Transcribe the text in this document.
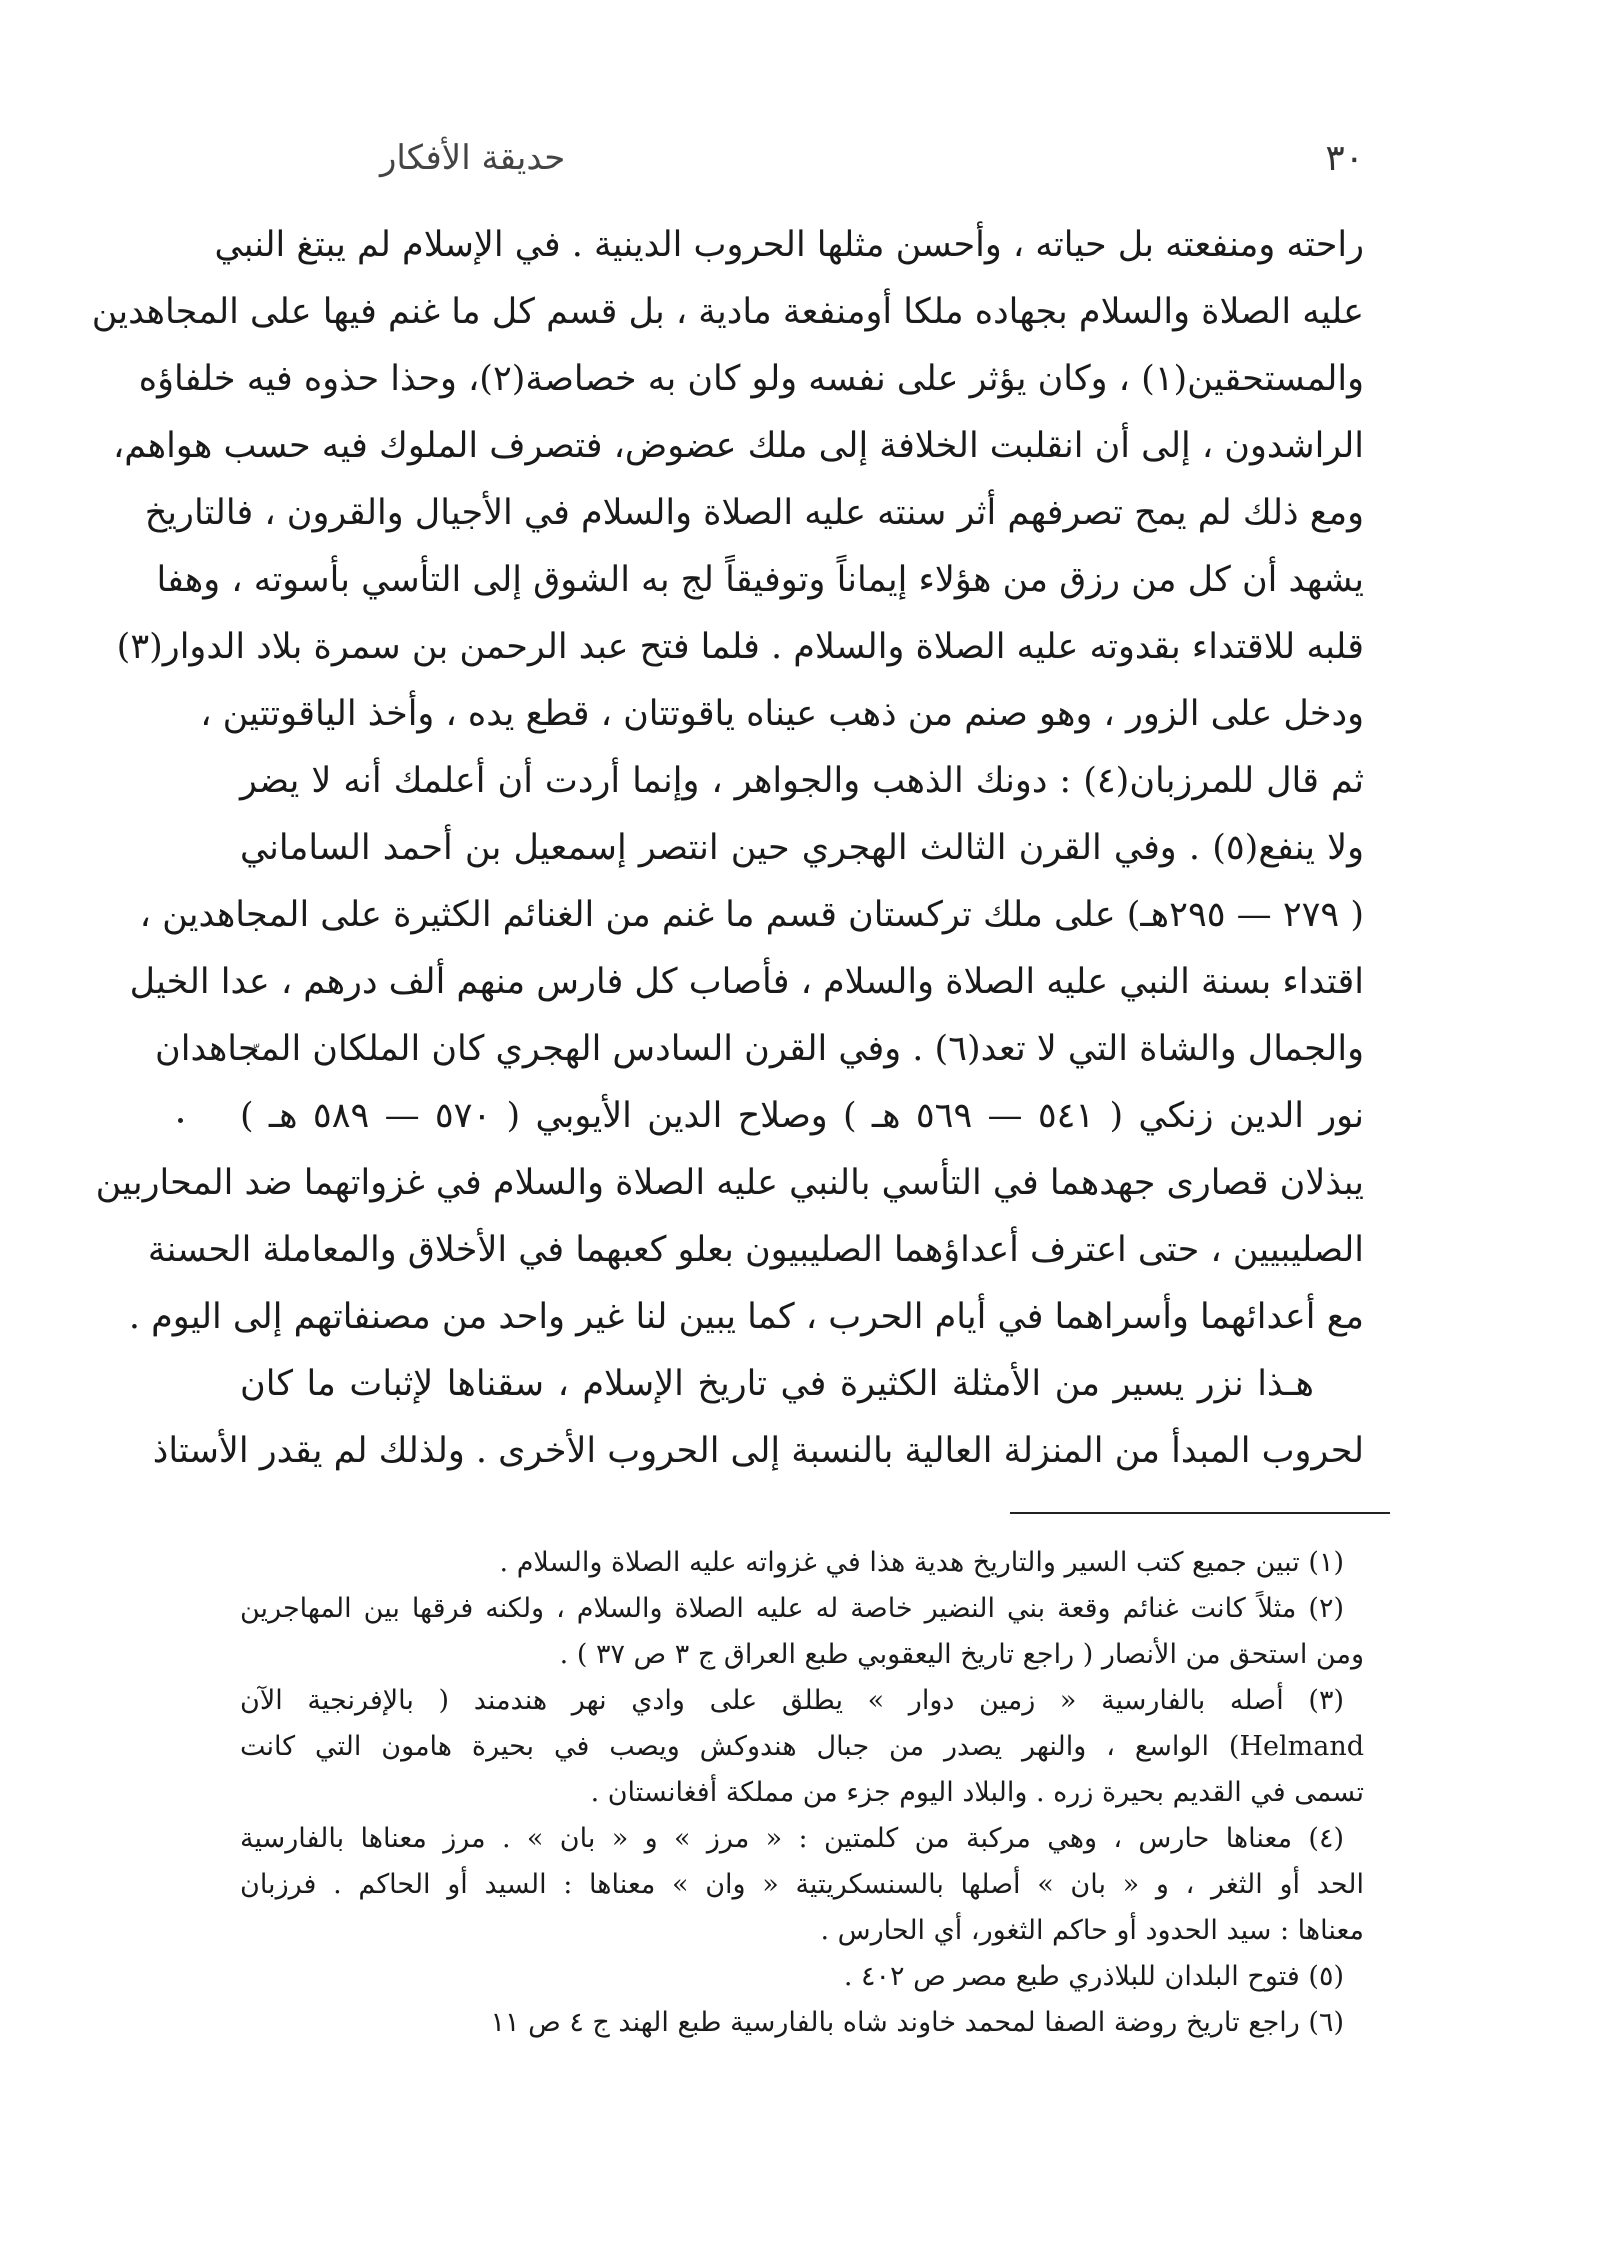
٣٠
حديقة الأفكار
راحته ومنفعته بل حياته ، وأحسن مثلها الحروب الدينية . في الإسلام لم يبتغ النبي
عليه الصلاة والسلام بجهاده ملكا أومنفعة مادية ، بل قسم كل ما غنم فيها على المجاهدين
والمستحقين(١) ، وكان يؤثر على نفسه ولو كان به خصاصة(٢)، وحذا حذوه فيه خلفاؤه
الراشدون ، إلى أن انقلبت الخلافة إلى ملك عضوض، فتصرف الملوك فيه حسب هواهم،
ومع ذلك لم يمح تصرفهم أثر سنته عليه الصلاة والسلام في الأجيال والقرون ، فالتاريخ
يشهد أن كل من رزق من هؤلاء إيماناً وتوفيقاً لج به الشوق إلى التأسي بأسوته ، وهفا
قلبه للاقتداء بقدوته عليه الصلاة والسلام . فلما فتح عبد الرحمن بن سمرة بلاد الدوار(٣)
ودخل على الزور ، وهو صنم من ذهب عيناه ياقوتتان ، قطع يده ، وأخذ الياقوتتين ،
ثم قال للمرزبان(٤) : دونك الذهب والجواهر ، وإنما أردت أن أعلمك أنه لا يضر
ولا ينفع(٥) . وفي القرن الثالث الهجري حين انتصر إسمعيل بن أحمد الساماني
( ٢٧٩ — ٢٩٥هـ) على ملك تركستان قسم ما غنم من الغنائم الكثيرة على المجاهدين ،
اقتداء بسنة النبي عليه الصلاة والسلام ، فأصاب كل فارس منهم ألف درهم ، عدا الخيل
والجمال والشاة التي لا تعد(٦) . وفي القرن السادس الهجري كان الملكان المجاهدان
نور الدين زنكي ( ٥٤١ — ٥٦٩ هـ ) وصلاح الدين الأيوبي ( ٥٧٠ — ٥٨٩ هـ )
يبذلان قصارى جهدهما في التأسي بالنبي عليه الصلاة والسلام في غزواتهما ضد المحاربين
الصليبيين ، حتى اعترف أعداؤهما الصليبيون بعلو كعبهما في الأخلاق والمعاملة الحسنة
مع أعدائهما وأسراهما في أيام الحرب ، كما يبين لنا غير واحد من مصنفاتهم إلى اليوم .
هـذا نزر يسير من الأمثلة الكثيرة في تاريخ الإسلام ، سقناها لإثبات ما كان
لحروب المبدأ من المنزلة العالية بالنسبة إلى الحروب الأخرى . ولذلك لم يقدر الأستاذ
(١) تبين جميع كتب السير والتاريخ هدية هذا في غزواته عليه الصلاة والسلام .
(٢) مثلاً كانت غنائم وقعة بني النضير خاصة له عليه الصلاة والسلام ، ولكنه فرقها بين المهاجرين
ومن استحق من الأنصار ( راجع تاريخ اليعقوبي طبع العراق ج ٣ ص ٣٧ ) .
(٣) أصله بالفارسية « زمين دوار » يطلق على وادي نهر هندمند ( بالإفرنجية الآن
Helmand) الواسع ، والنهر يصدر من جبال هندوكش ويصب في بحيرة هامون التي كانت
تسمى في القديم بحيرة زره . والبلاد اليوم جزء من مملكة أفغانستان .
(٤) معناها حارس ، وهي مركبة من كلمتين : « مرز » و « بان » . مرز معناها بالفارسية
الحد أو الثغر ، و « بان » أصلها بالسنسكريتية « وان » معناها : السيد أو الحاكم . فرزبان
معناها : سيد الحدود أو حاكم الثغور، أي الحارس .
(٥) فتوح البلدان للبلاذري طبع مصر ص ٤٠٢ .
(٦) راجع تاريخ روضة الصفا لمحمد خاوند شاه بالفارسية طبع الهند ج ٤ ص ١١
